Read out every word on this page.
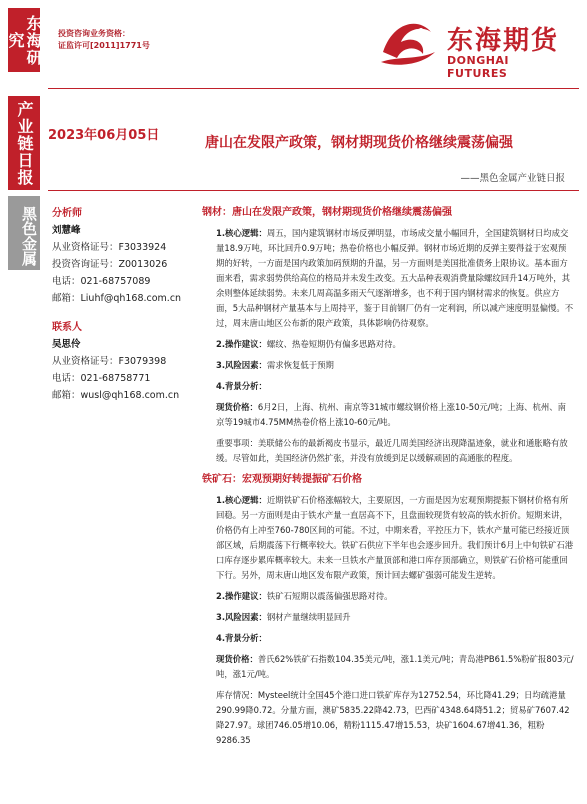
东海研究
产业链日报
黑色金属
投资咨询业务资格：
证监许可[2011]1771号	东海期货
DONGHAI FUTURES
2023年06月05日	唐山在发限产政策，钢材期现货价格继续震荡偏强
——黑色金属产业链日报
分析师
刘慧峰
从业资格证号：F3033924
投资咨询证号：Z0013026
电话：021-68757089
邮箱：Liuhf@qh168.com.cn
联系人
吴思伶
从业资格证号：F3079398
电话：021-68758771
邮箱：wusl@qh168.com.cn
钢材：唐山在发限产政策，钢材期现货价格继续震荡偏强
1.核心逻辑：周五，国内建筑钢材市场反弹明显，市场成交量小幅回升，全国建筑钢材日均成交量18.9万吨，环比回升0.9万吨；热卷价格也小幅反弹。钢材市场近期的反弹主要得益于宏观预期的好转，一方面是国内政策加码预期的升温，另一方面则是美国批准债务上限协议。基本面方面来看，需求弱势供给高位的格局并未发生改变。五大品种表观消费量除螺纹回升14万吨外，其余则整体延续弱势。未来几周高温多雨天气逐渐增多，也不利于国内钢材需求的恢复。供应方面，5大品种钢材产量基本与上周持平，鉴于目前钢厂仍有一定利润，所以减产速度明显偏慢。不过，周末唐山地区公布新的限产政策，具体影响仍待观察。
2.操作建议：螺纹、热卷短期仍有偏多思路对待。
3.风险因素：需求恢复低于预期
4.背景分析：
现货价格：6月2日，上海、杭州、南京等31城市螺纹钢价格上涨10-50元/吨；上海、杭州、南京等19城市4.75MM热卷价格上涨10-60元/吨。
重要事项：美联储公布的最新褐皮书显示，最近几周美国经济出现降温迹象，就业和通胀略有放缓。尽管如此，美国经济仍然扩张，并没有放缓到足以缓解顽固的高通胀的程度。
铁矿石：宏观预期好转提振矿石价格
1.核心逻辑：近期铁矿石价格涨幅较大，主要原因，一方面是因为宏观预期提振下钢材价格有所回稳。另一方面则是由于铁水产量一直居高不下，且盘面较现货有较高的铁水折价。短期来讲，价格仍有上冲至760-780区间的可能。不过，中期来看，平控压力下，铁水产量可能已经接近顶部区域，后期震荡下行概率较大。铁矿石供应下半年也会逐步回升。我们预计6月上中旬铁矿石港口库存逐步累库概率较大。未来一旦铁水产量顶部和港口库存顶部确立，则铁矿石价格可能重回下行。另外，周末唐山地区发布限产政策，预计回去螺矿强弱可能发生逆转。
2.操作建议：铁矿石短期以震荡偏强思路对待。
3.风险因素：钢材产量继续明显回升
4.背景分析：
现货价格：普氏62%铁矿石指数104.35美元/吨，涨1.1美元/吨；青岛港PB61.5%粉矿报803元/吨，涨1元/吨。
库存情况：Mysteel统计全国45个港口进口铁矿库存为12752.54，环比降41.29；日均疏港量290.99降0.72。分量方面，澳矿5835.22降42.73，巴西矿4348.64降51.2；贸易矿7607.42降27.97。球团746.05增10.06，精粉1115.47增15.53，块矿1604.67增41.36，粗粉9286.35
